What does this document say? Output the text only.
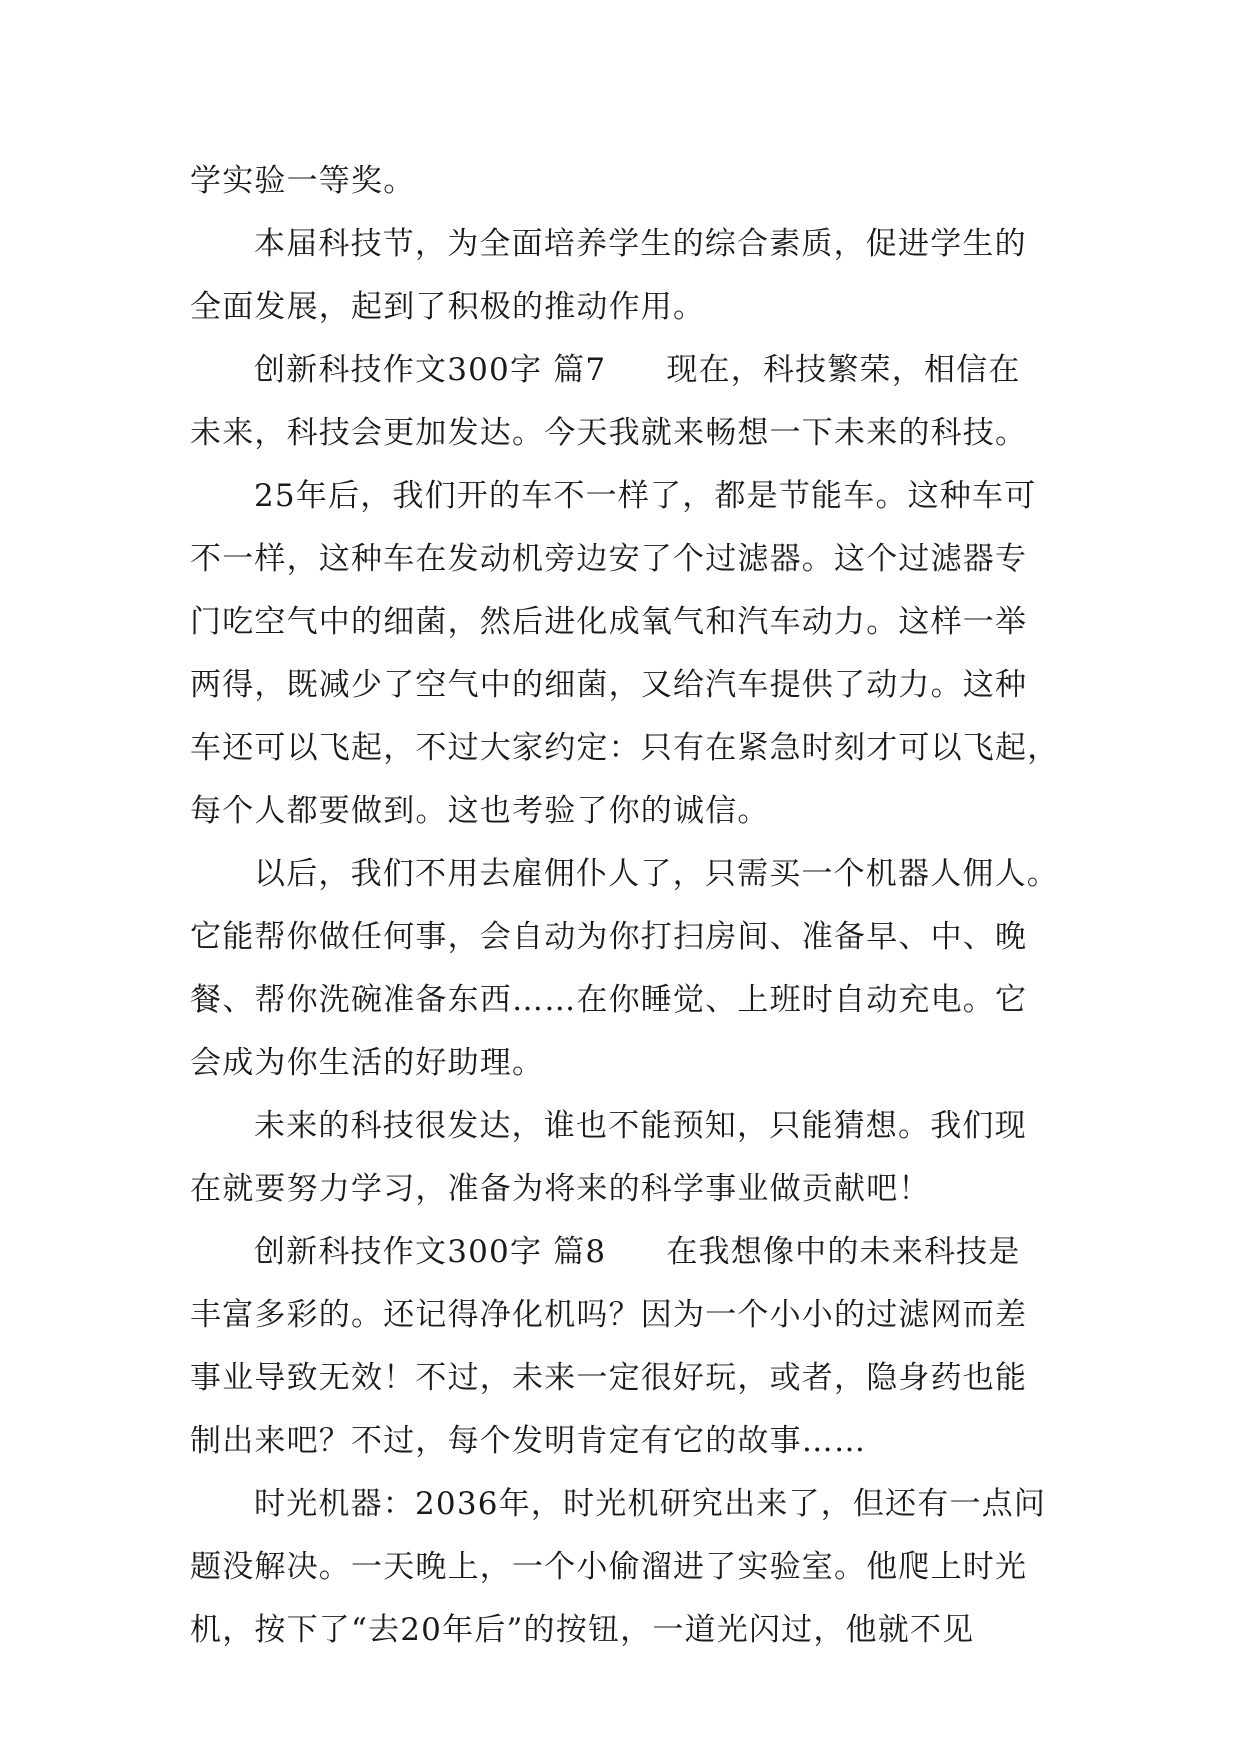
学实验一等奖。
本届科技节，为全面培养学生的综合素质，促进学生的
全面发展，起到了积极的推动作用。
创新科技作文300字 篇7 现在，科技繁荣，相信在
未来，科技会更加发达。今天我就来畅想一下未来的科技。
25年后，我们开的车不一样了，都是节能车。这种车可
不一样，这种车在发动机旁边安了个过滤器。这个过滤器专
门吃空气中的细菌，然后进化成氧气和汽车动力。这样一举
两得，既减少了空气中的细菌，又给汽车提供了动力。这种
车还可以飞起，不过大家约定：只有在紧急时刻才可以飞起，
每个人都要做到。这也考验了你的诚信。
以后，我们不用去雇佣仆人了，只需买一个机器人佣人。
它能帮你做任何事，会自动为你打扫房间、准备早、中、晚
餐、帮你洗碗准备东西……在你睡觉、上班时自动充电。它
会成为你生活的好助理。
未来的科技很发达，谁也不能预知，只能猜想。我们现
在就要努力学习，准备为将来的科学事业做贡献吧！
创新科技作文300字 篇8 在我想像中的未来科技是
丰富多彩的。还记得净化机吗？因为一个小小的过滤网而差
事业导致无效！不过，未来一定很好玩，或者，隐身药也能
制出来吧？不过，每个发明肯定有它的故事……
时光机器：2036年，时光机研究出来了，但还有一点问
题没解决。一天晚上，一个小偷溜进了实验室。他爬上时光
机，按下了“去20年后”的按钮，一道光闪过，他就不见
